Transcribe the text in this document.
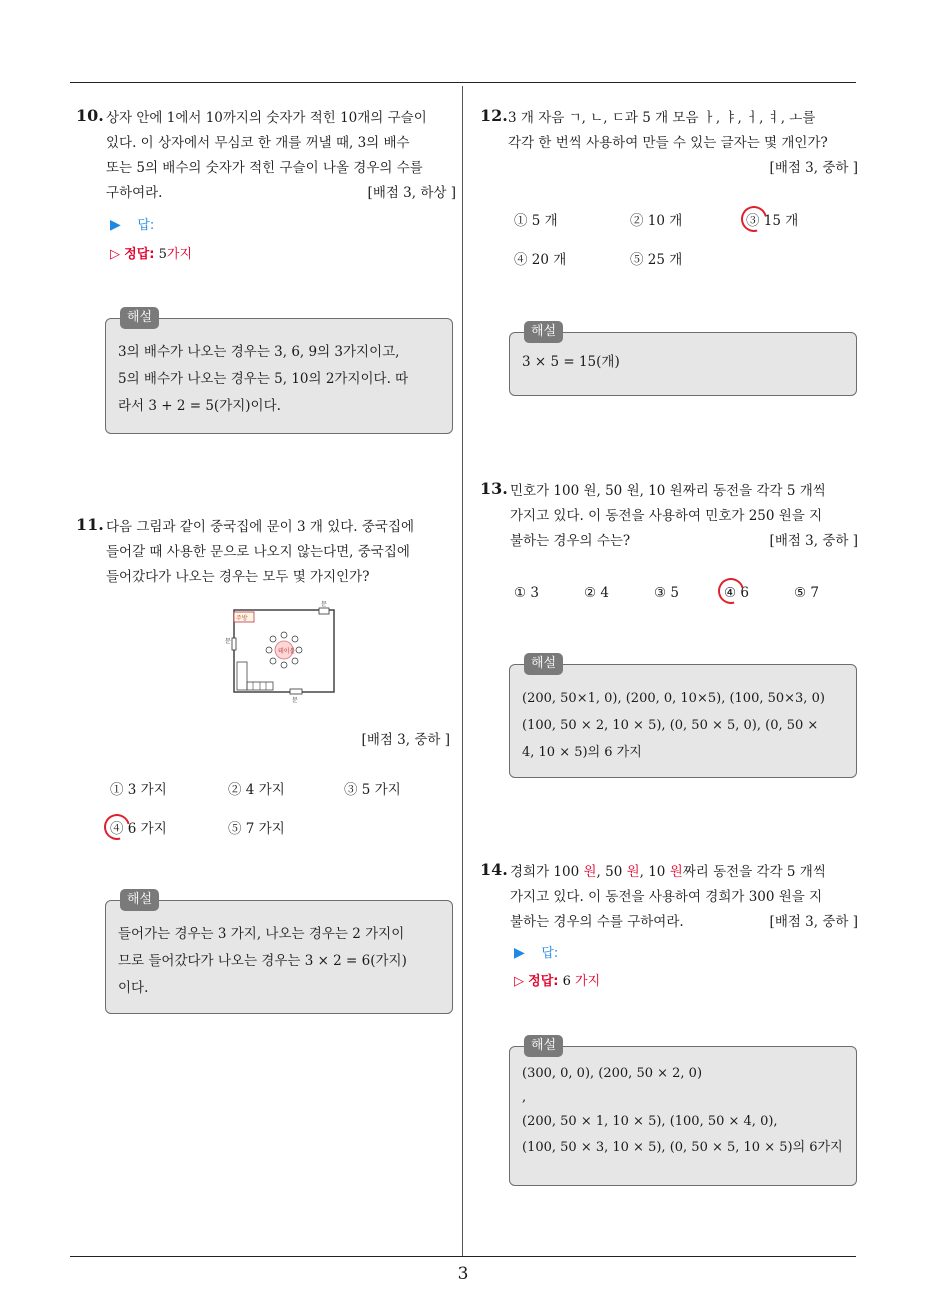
10. 상자 안에 1에서 10까지의 숫자가 적힌 10개의 구슬이
있다. 이 상자에서 무심코 한 개를 꺼낼 때, 3의 배수
또는 5의 배수의 숫자가 적힌 구슬이 나올 경우의 수를
구하여라.	[배점 3, 하상 ]
▶ 답:
▷ 정답: 5가지
해설
3의 배수가 나오는 경우는 3, 6, 9의 3가지이고,
5의 배수가 나오는 경우는 5, 10의 2가지이다. 따
라서 3 + 2 = 5(가지)이다.
11. 다음 그림과 같이 중국집에 문이 3 개 있다. 중국집에
들어갈 때 사용한 문으로 나오지 않는다면, 중국집에
들어갔다가 나오는 경우는 모두 몇 가지인가?
주방
테이블
문
문
문
[배점 3, 중하 ]
① 3 가지	② 4 가지	③ 5 가지
④ 6 가지	⑤ 7 가지
해설
들어가는 경우는 3 가지, 나오는 경우는 2 가지이
므로 들어갔다가 나오는 경우는 3 × 2 = 6(가지)
이다.
12. 3 개 자음 ㄱ, ㄴ, ㄷ과 5 개 모음 ㅏ, ㅑ, ㅓ, ㅕ, ㅗ를
각각 한 번씩 사용하여 만들 수 있는 글자는 몇 개인가?
[배점 3, 중하 ]
① 5 개	② 10 개	③ 15 개
④ 20 개	⑤ 25 개
해설
3 × 5 = 15(개)
13. 민호가 100 원, 50 원, 10 원짜리 동전을 각각 5 개씩
가지고 있다. 이 동전을 사용하여 민호가 250 원을 지
불하는 경우의 수는?	[배점 3, 중하 ]
① 3	② 4	③ 5	④ 6	⑤ 7
해설
(200, 50×1, 0), (200, 0, 10×5), (100, 50×3, 0)
(100, 50 × 2, 10 × 5), (0, 50 × 5, 0), (0, 50 ×
4, 10 × 5)의 6 가지
14. 경희가 100 원, 50 원, 10 원짜리 동전을 각각 5 개씩
가지고 있다. 이 동전을 사용하여 경희가 300 원을 지
불하는 경우의 수를 구하여라.	[배점 3, 중하 ]
▶ 답:
▷ 정답: 6 가지
해설
(300, 0, 0), (200, 50 × 2, 0)
,
(200, 50 × 1, 10 × 5), (100, 50 × 4, 0),
(100, 50 × 3, 10 × 5), (0, 50 × 5, 10 × 5)의 6가지
3
